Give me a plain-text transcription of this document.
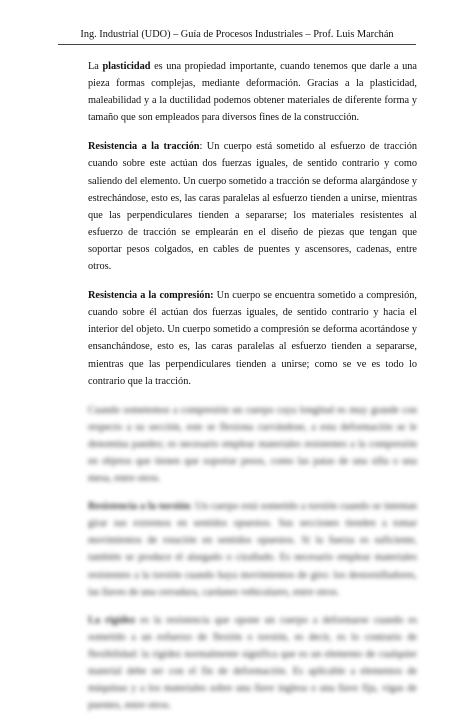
Ing. Industrial (UDO) – Guía de Procesos Industriales – Prof. Luis Marchán

La plasticidad es una propiedad importante, cuando tenemos que darle a una pieza formas complejas, mediante deformación. Gracias a la plasticidad, maleabilidad y a la ductilidad podemos obtener materiales de diferente forma y tamaño que son empleados para diversos fines de la construcción.

Resistencia a la tracción: Un cuerpo está sometido al esfuerzo de tracción cuando sobre este actúan dos fuerzas iguales, de sentido contrario y como saliendo del elemento. Un cuerpo sometido a tracción se deforma alargándose y estrechándose, esto es, las caras paralelas al esfuerzo tienden a unirse, mientras que las perpendiculares tienden a separarse; los materiales resistentes al esfuerzo de tracción se emplearán en el diseño de piezas que tengan que soportar pesos colgados, en cables de puentes y ascensores, cadenas, entre otros.

Resistencia a la compresión: Un cuerpo se encuentra sometido a compresión, cuando sobre él actúan dos fuerzas iguales, de sentido contrario y hacia el interior del objeto. Un cuerpo sometido a compresión se deforma acortándose y ensanchándose, esto es, las caras paralelas al esfuerzo tienden a separarse, mientras que las perpendiculares tienden a unirse; como se ve es todo lo contrario que la tracción.

Cuando sometemos a compresión un cuerpo cuya longitud es muy grande con respecto a su sección, este se flexiona curvándose, a esta deformación se le denomina pandeo; es necesario emplear materiales resistentes a la compresión en objetos que tienen que soportar pesos, como las patas de una silla o una mesa, entre otros.

Resistencia a la torsión: Un cuerpo está sometido a torsión cuando se intentan girar sus extremos en sentidos opuestos. Sus secciones tienden a tomar movimientos de rotación en sentidos opuestos. Si la fuerza es suficiente, también se produce el alargado o cizallado. Es necesario emplear materiales resistentes a la torsión cuando haya movimientos de giro: los destornilladores, las llaves de una cerradura, cardanes vehiculares, entre otros.

La rigidez es la resistencia que opone un cuerpo a deformarse cuando es sometido a un esfuerzo de flexión o torsión, es decir, es lo contrario de flexibilidad: la rigidez normalmente significa que es un elemento de cualquier material debe ser con el fin de deformación. Es aplicable a elementos de máquinas y a los materiales sobre una llave inglesa o una llave fija, vigas de puentes, entre otros.
